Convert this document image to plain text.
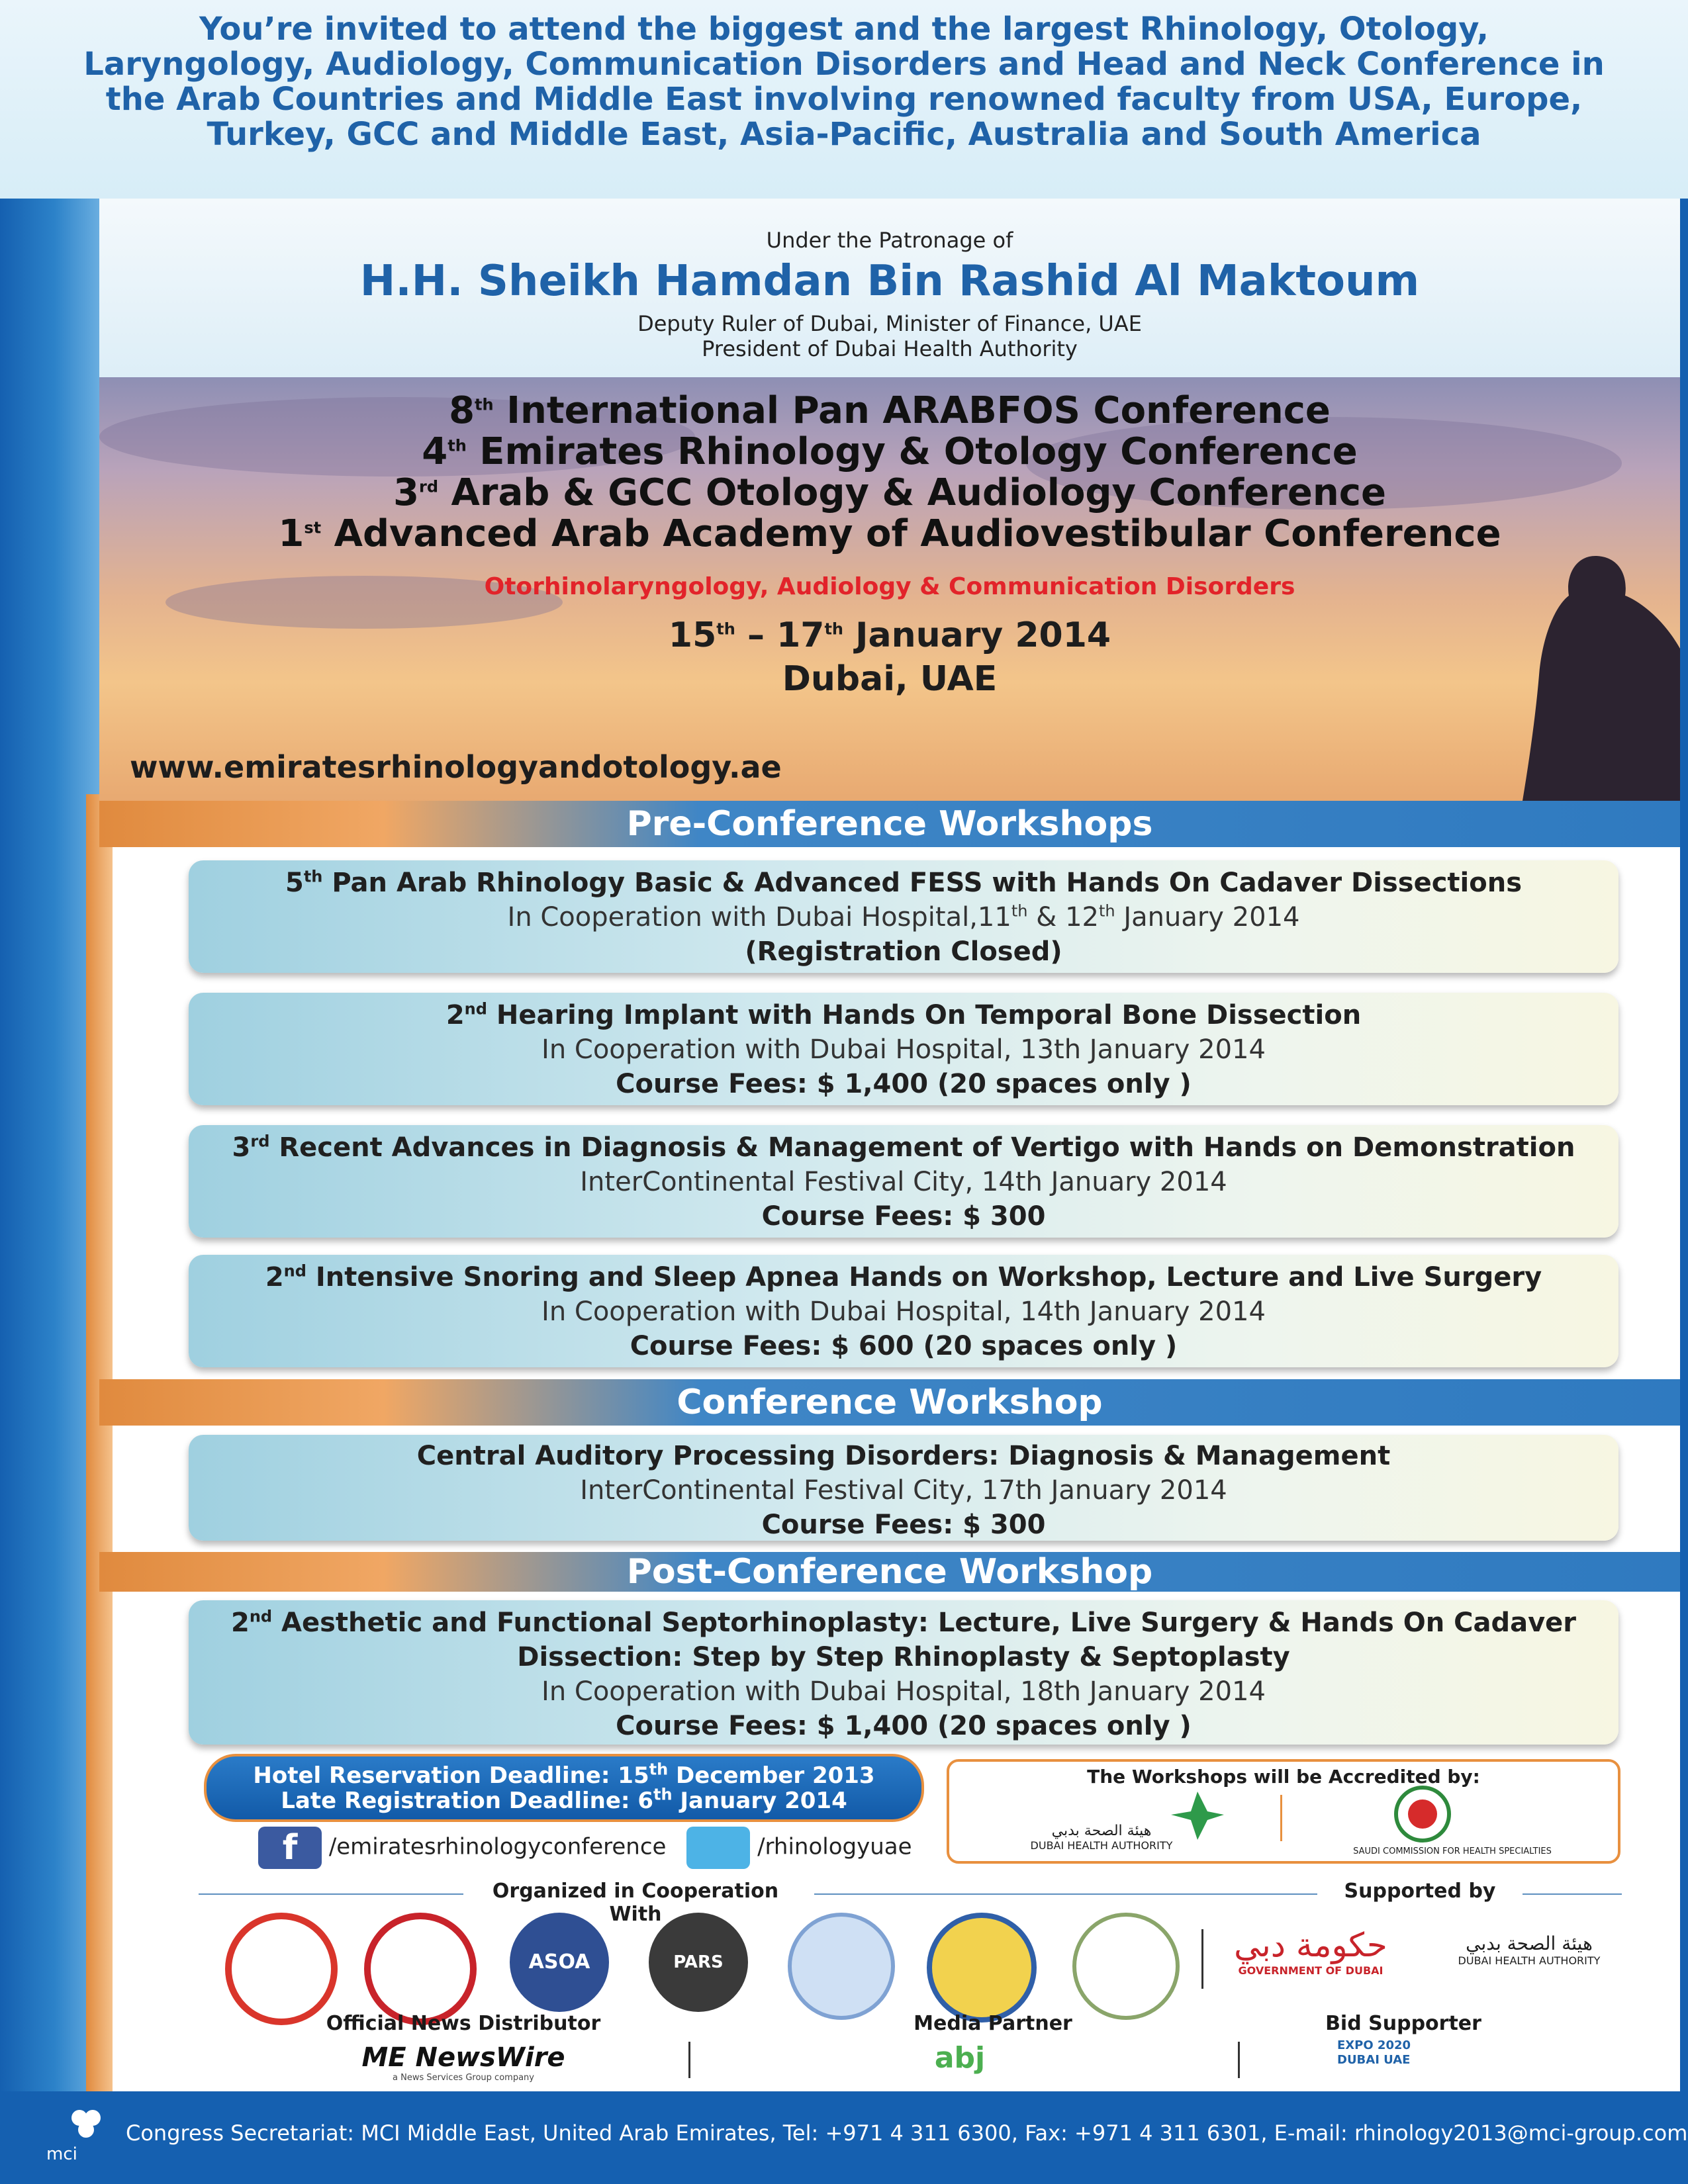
You’re invited to attend the biggest and the largest Rhinology, Otology, Laryngology, Audiology, Communication Disorders and Head and Neck Conference in the Arab Countries and Middle East involving renowned faculty from USA, Europe, Turkey, GCC and Middle East, Asia-Pacific, Australia and South America
Under the Patronage of
H.H. Sheikh Hamdan Bin Rashid Al Maktoum
Deputy Ruler of Dubai, Minister of Finance, UAE
President of Dubai Health Authority
8th International Pan ARABFOS Conference
4th Emirates Rhinology & Otology Conference
3rd Arab & GCC Otology & Audiology Conference
1st Advanced Arab Academy of Audiovestibular Conference
Otorhinolaryngology, Audiology & Communication Disorders
15th – 17th January 2014
Dubai, UAE
www.emiratesrhinologyandotology.ae
Pre-Conference Workshops
5th Pan Arab Rhinology Basic & Advanced FESS with Hands On Cadaver Dissections
In Cooperation with Dubai Hospital,11th & 12th January 2014
(Registration Closed)
2nd Hearing Implant with Hands On Temporal Bone Dissection
In Cooperation with Dubai Hospital, 13th January 2014
Course Fees: $ 1,400 (20 spaces only )
3rd Recent Advances in Diagnosis & Management of Vertigo with Hands on Demonstration
InterContinental Festival City, 14th January 2014
Course Fees: $ 300
2nd Intensive Snoring and Sleep Apnea Hands on Workshop, Lecture and Live Surgery
In Cooperation with Dubai Hospital, 14th January 2014
Course Fees: $ 600 (20 spaces only )
Conference Workshop
Central Auditory Processing Disorders: Diagnosis & Management
InterContinental Festival City, 17th January 2014
Course Fees: $ 300
Post-Conference Workshop
2nd Aesthetic and Functional Septorhinoplasty: Lecture, Live Surgery & Hands On Cadaver
Dissection: Step by Step Rhinoplasty & Septoplasty
In Cooperation with Dubai Hospital, 18th January 2014
Course Fees: $ 1,400 (20 spaces only )
Hotel Reservation Deadline: 15th December 2013
Late Registration Deadline: 6th January 2014
f /emiratesrhinologyconference	/rhinologyuae
The Workshops will be Accredited by:
هيئة الصحة بدبي
DUBAI HEALTH AUTHORITY	SAUDI COMMISSION FOR HEALTH SPECIALTIES
Organized in Cooperation With
Supported by
ASOA	PARS	حكومة دبي
GOVERNMENT OF DUBAI
هيئة الصحة بدبي
DUBAI HEALTH AUTHORITY
Official News Distributor
ME NewsWire
a News Services Group company
Media Partner
abj
Bid Supporter
EXPO 2020 DUBAI UAE
mci
Congress Secretariat: MCI Middle East, United Arab Emirates, Tel: +971 4 311 6300, Fax: +971 4 311 6301, E-mail: rhinology2013@mci-group.com
